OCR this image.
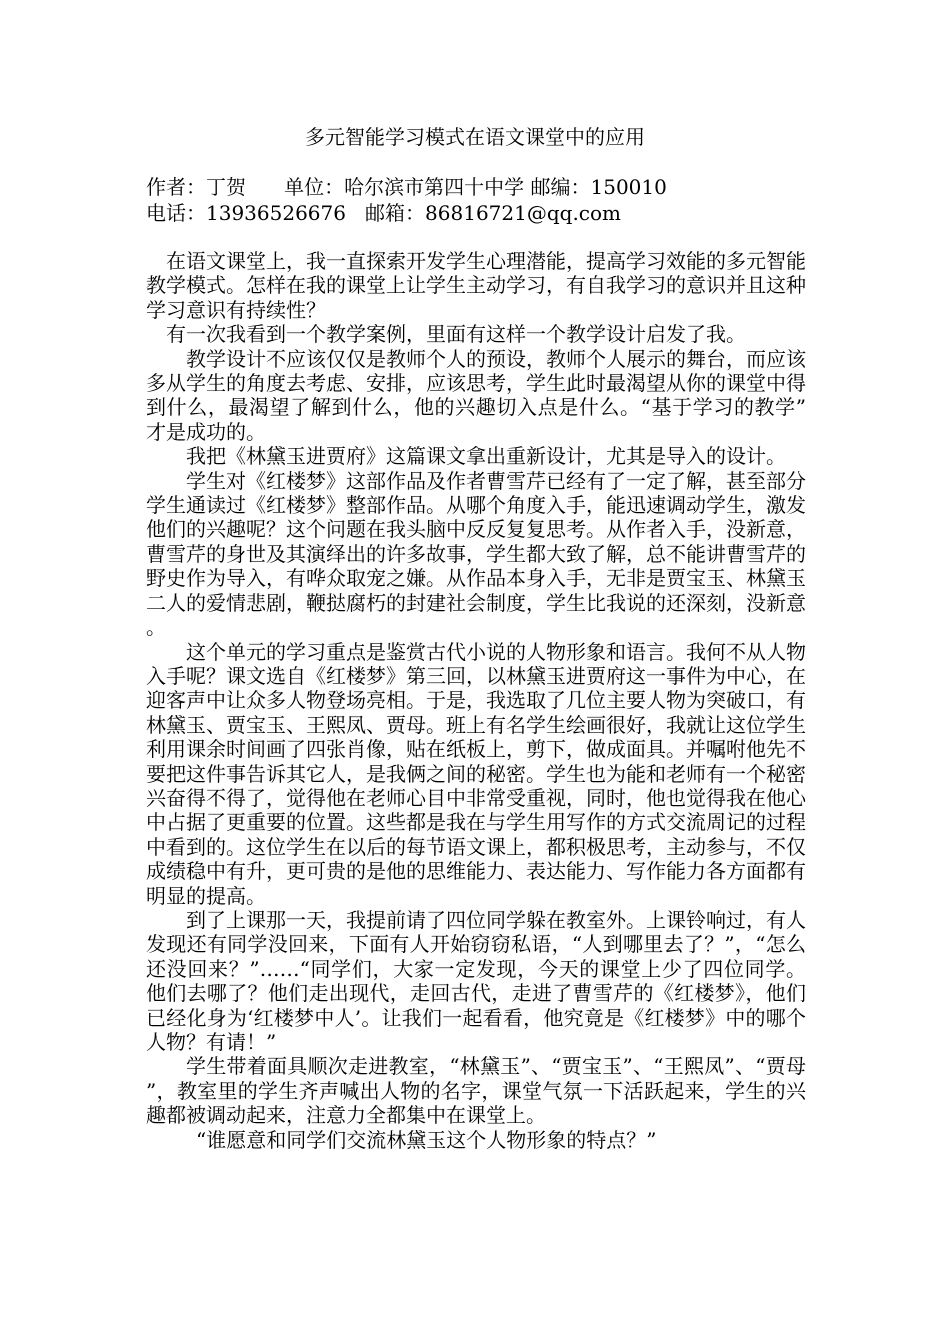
多元智能学习模式在语文课堂中的应用
作者：丁贺      单位：哈尔滨市第四十中学 邮编：150010
电话：13936526676   邮箱：86816721@qq.com

在语文课堂上，我一直探索开发学生心理潜能，提高学习效能的多元智能教学模式。怎样在我的课堂上让学生主动学习，有自我学习的意识并且这种学习意识有持续性？

有一次我看到一个教学案例，里面有这样一个教学设计启发了我。

教学设计不应该仅仅是教师个人的预设，教师个人展示的舞台，而应该多从学生的角度去考虑、安排，应该思考，学生此时最渴望从你的课堂中得到什么，最渴望了解到什么，他的兴趣切入点是什么。“基于学习的教学”才是成功的。

我把《林黛玉进贾府》这篇课文拿出重新设计，尤其是导入的设计。

学生对《红楼梦》这部作品及作者曹雪芹已经有了一定了解，甚至部分学生通读过《红楼梦》整部作品。从哪个角度入手，能迅速调动学生，激发他们的兴趣呢？这个问题在我头脑中反反复复思考。从作者入手，没新意，曹雪芹的身世及其演绎出的许多故事，学生都大致了解，总不能讲曹雪芹的野史作为导入，有哗众取宠之嫌。从作品本身入手，无非是贾宝玉、林黛玉二人的爱情悲剧，鞭挞腐朽的封建社会制度，学生比我说的还深刻，没新意。

这个单元的学习重点是鉴赏古代小说的人物形象和语言。我何不从人物入手呢？课文选自《红楼梦》第三回，以林黛玉进贾府这一事件为中心，在迎客声中让众多人物登场亮相。于是，我选取了几位主要人物为突破口，有林黛玉、贾宝玉、王熙凤、贾母。班上有名学生绘画很好，我就让这位学生利用课余时间画了四张肖像，贴在纸板上，剪下，做成面具。并嘱咐他先不要把这件事告诉其它人，是我俩之间的秘密。学生也为能和老师有一个秘密兴奋得不得了，觉得他在老师心目中非常受重视，同时，他也觉得我在他心中占据了更重要的位置。这些都是我在与学生用写作的方式交流周记的过程中看到的。这位学生在以后的每节语文课上，都积极思考，主动参与，不仅成绩稳中有升，更可贵的是他的思维能力、表达能力、写作能力各方面都有明显的提高。

到了上课那一天，我提前请了四位同学躲在教室外。上课铃响过，有人发现还有同学没回来，下面有人开始窃窃私语，“人到哪里去了？”，“怎么还没回来？”……“同学们，大家一定发现，今天的课堂上少了四位同学。他们去哪了？他们走出现代，走回古代，走进了曹雪芹的《红楼梦》，他们已经化身为‘红楼梦中人’。让我们一起看看，他究竟是《红楼梦》中的哪个人物？有请！”

学生带着面具顺次走进教室，“林黛玉”、“贾宝玉”、“王熙凤”、“贾母”，教室里的学生齐声喊出人物的名字，课堂气氛一下活跃起来，学生的兴趣都被调动起来，注意力全都集中在课堂上。

“谁愿意和同学们交流林黛玉这个人物形象的特点？”
